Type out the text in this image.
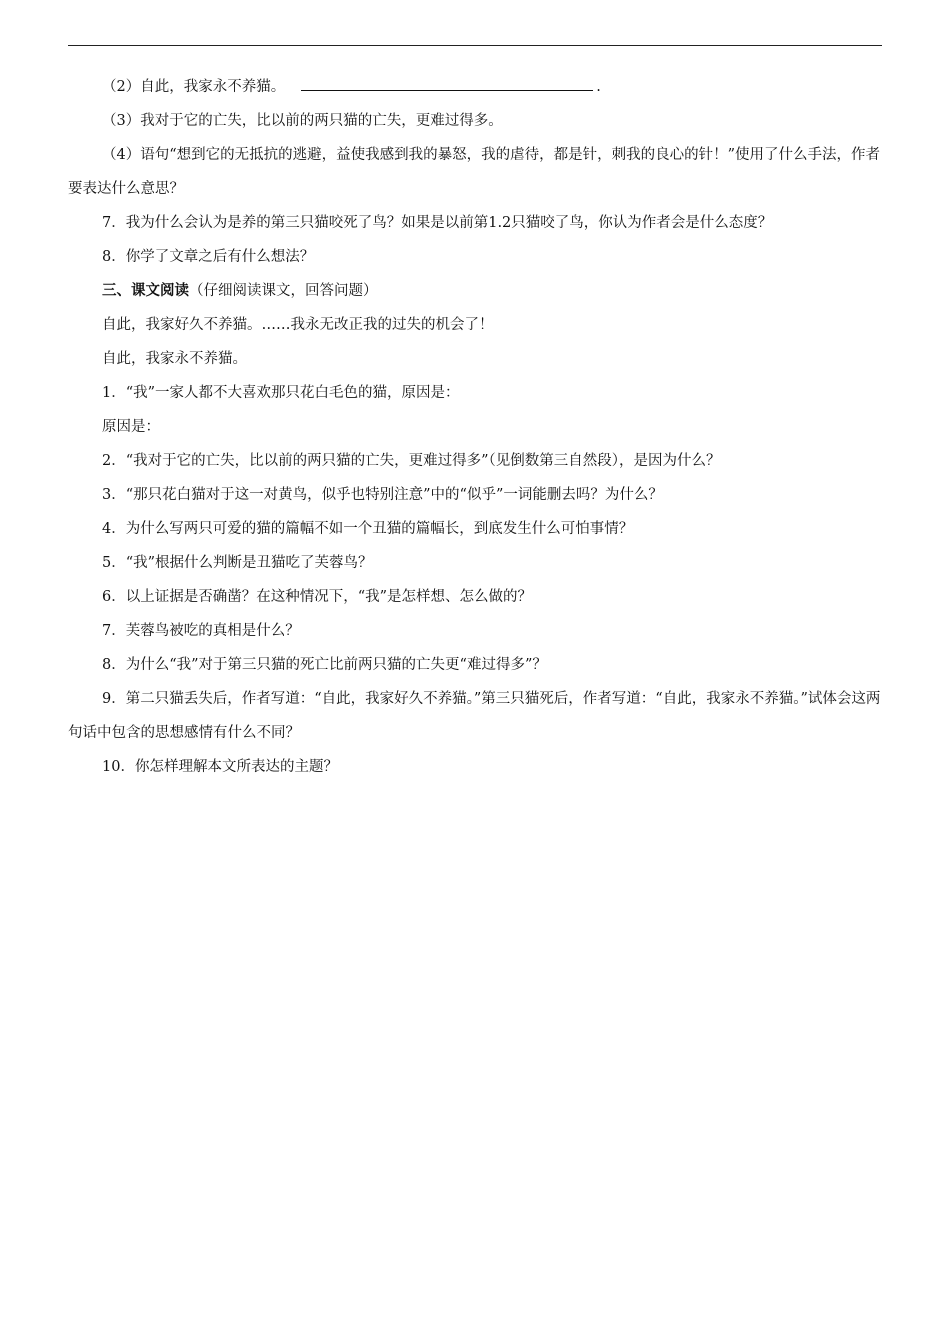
（2）自此，我家永不养猫。	.
（3）我对于它的亡失，比以前的两只猫的亡失，更难过得多。
（4）语句“想到它的无抵抗的逃避，益使我感到我的暴怒，我的虐待，都是针，刺我的良心的针！”使用了什么手法，作者要表达什么意思？
7．我为什么会认为是养的第三只猫咬死了鸟？如果是以前第1.2只猫咬了鸟，你认为作者会是什么态度？
8．你学了文章之后有什么想法？
三、课文阅读（仔细阅读课文，回答问题）
自此，我家好久不养猫。……我永无改正我的过失的机会了！
自此，我家永不养猫。
1．“我”一家人都不大喜欢那只花白毛色的猫，原因是：
原因是：
2．“我对于它的亡失，比以前的两只猫的亡失，更难过得多”（见倒数第三自然段），是因为什么？
3．“那只花白猫对于这一对黄鸟，似乎也特别注意”中的“似乎”一词能删去吗？为什么？
4．为什么写两只可爱的猫的篇幅不如一个丑猫的篇幅长，到底发生什么可怕事情？
5．“我”根据什么判断是丑猫吃了芙蓉鸟？
6．以上证据是否确凿？在这种情况下，“我”是怎样想、怎么做的？
7．芙蓉鸟被吃的真相是什么？
8．为什么“我”对于第三只猫的死亡比前两只猫的亡失更“难过得多”？
9．第二只猫丢失后，作者写道：“自此，我家好久不养猫。”第三只猫死后，作者写道：“自此，我家永不养猫。”试体会这两句话中包含的思想感情有什么不同？
10．你怎样理解本文所表达的主题？
